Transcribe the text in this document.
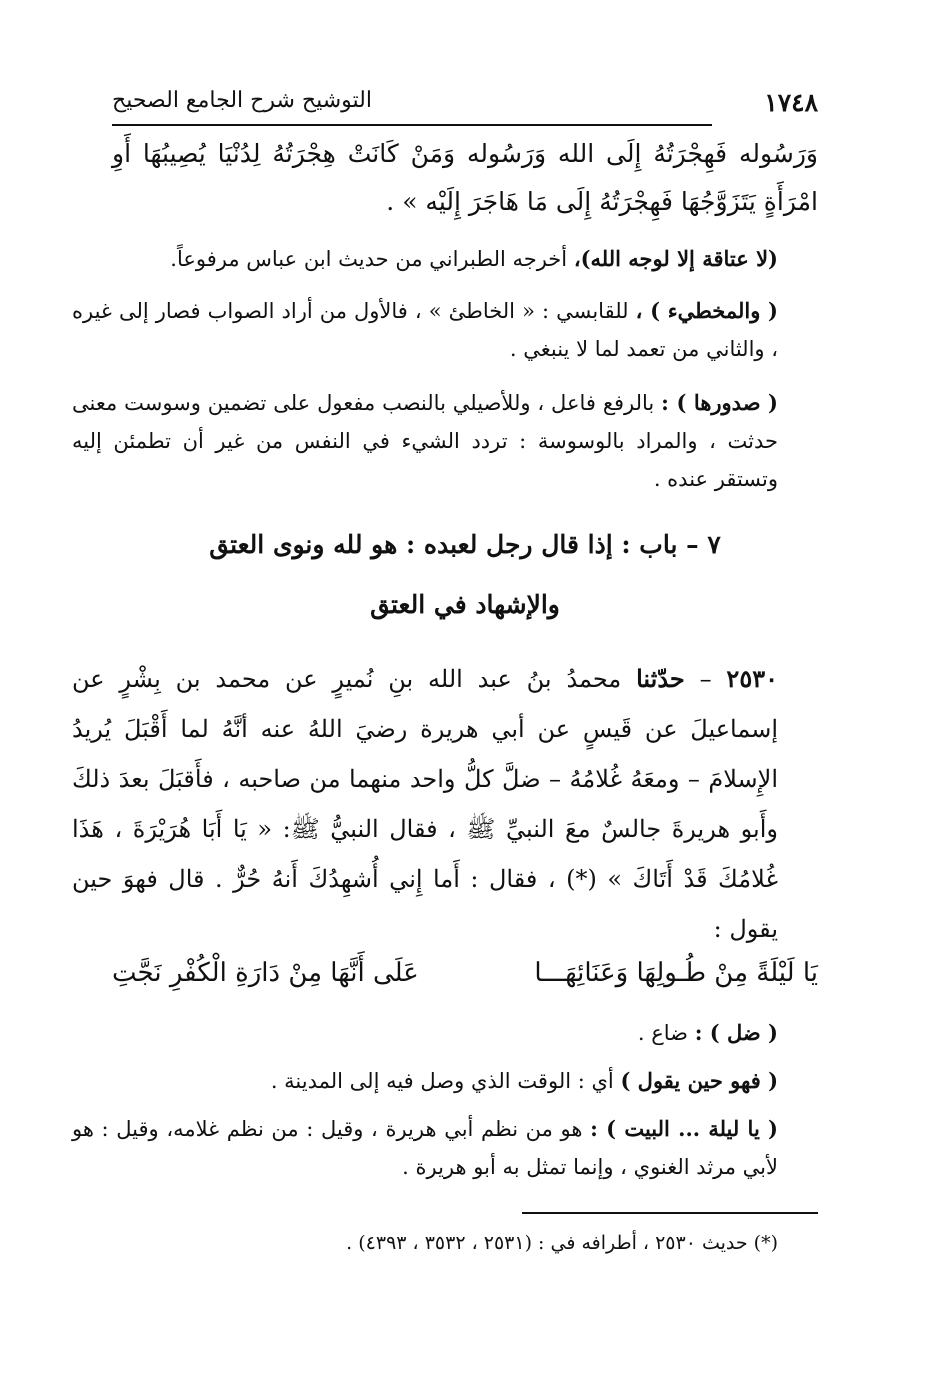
١٧٤٨
التوشيح شرح الجامع الصحيح
وَرَسُوله فَهِجْرَتُهُ إِلَى الله وَرَسُوله وَمَنْ كَانَتْ هِجْرَتُهُ لِدُنْيَا يُصِيبُهَا أَوِ امْرَأَةٍ يَتَزَوَّجُهَا فَهِجْرَتُهُ إِلَى مَا هَاجَرَ إِلَيْه » .
(لا عتاقة إلا لوجه الله)، أخرجه الطبراني من حديث ابن عباس مرفوعاً.
( والمخطيء ) ، للقابسي : « الخاطئ » ، فالأول من أراد الصواب فصار إلى غيره ، والثاني من تعمد لما لا ينبغي .
( صدورها ) : بالرفع فاعل ، وللأصيلي بالنصب مفعول على تضمين وسوست معنى حدثت ، والمراد بالوسوسة : تردد الشيء في النفس من غير أن تطمئن إليه وتستقر عنده .
٧ – باب : إذا قال رجل لعبده : هو لله ونوى العتق
والإشهاد في العتق
٢٥٣٠ – حدّثنا محمدُ بنُ عبد الله بنِ نُميرٍ عن محمد بن بِشْرٍ عن إسماعيلَ عن قَيسٍ عن أبي هريرة رضيَ اللهُ عنه أنَّهُ لما أَقْبَلَ يُريدُ الإِسلامَ – ومعَهُ غُلامُهُ – ضلَّ كلُّ واحد منهما من صاحبه ، فأَقبَلَ بعدَ ذلكَ وأَبو هريرةَ جالسٌ معَ النبيِّ ﷺ ، فقال النبيُّ ﷺ: « يَا أَبَا هُرَيْرَةَ ، هَذَا غُلامُكَ قَدْ أَتَاكَ » (*) ، فقال : أَما إِني أُشهِدُكَ أَنهُ حُرٌّ . قال فهوَ حين يقول :
يَا لَيْلَةً مِنْ طُـولِهَا وَعَنَائِهَـــا
عَلَى أَنَّهَا مِنْ دَارَةِ الْكُفْرِ نَجَّتِ
( ضل ) : ضاع .
( فهو حين يقول ) أي : الوقت الذي وصل فيه إلى المدينة .
( يا ليلة ... البيت ) : هو من نظم أبي هريرة ، وقيل : من نظم غلامه، وقيل : هو لأبي مرثد الغنوي ، وإنما تمثل به أبو هريرة .
(*) حديث ٢٥٣٠ ، أطرافه في : (٢٥٣١ ، ٣٥٣٢ ، ٤٣٩٣) .
